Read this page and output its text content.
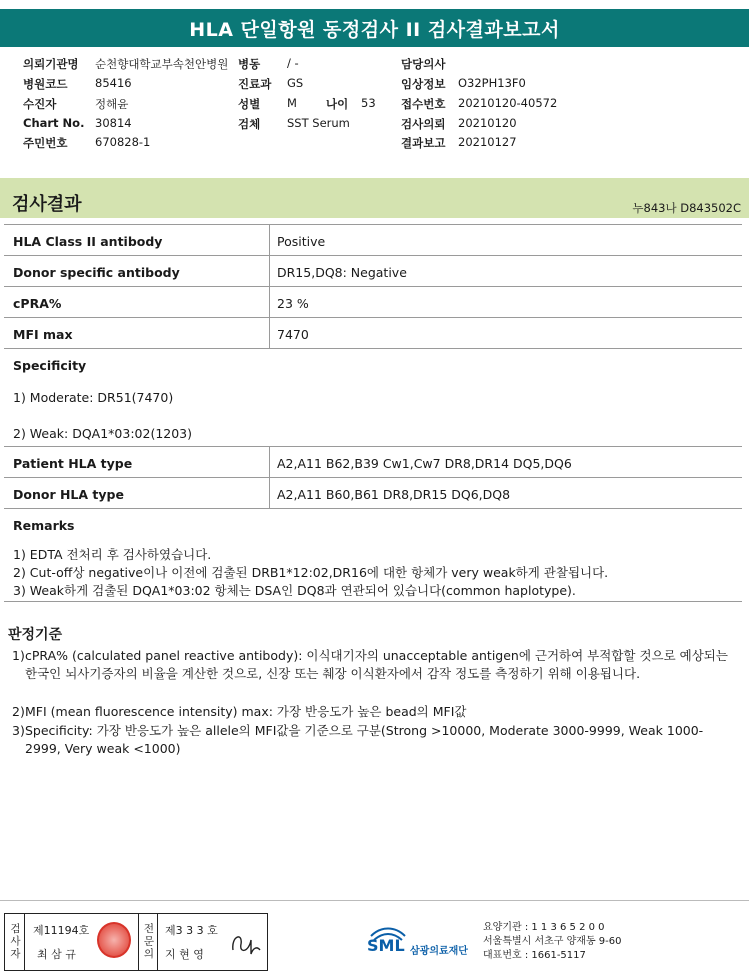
HLA 단일항원 동정검사 II 검사결과보고서
의뢰기관명 순천향대학교부속천안병원 병동 / -	담당의사
병원코드 85416	진료과 GS	임상정보 O32PH13F0
수진자	정해윤	성별 M	나이 53 접수번호 20210120-40572
Chart No. 30814	검체 SST Serum	검사의뢰 20210120
주민번호 670828-1	결과보고 20210127
검사결과	누843나 D843502C
HLA Class II antibody	Positive
Donor specific antibody	DR15,DQ8: Negative
cPRA%	23 %
MFI max	7470
Specificity
1) Moderate: DR51(7470)
2) Weak: DQA1*03:02(1203)
Patient HLA type	A2,A11 B62,B39 Cw1,Cw7 DR8,DR14 DQ5,DQ6
Donor HLA type	A2,A11 B60,B61 DR8,DR15 DQ6,DQ8
Remarks
1) EDTA 전처리 후 검사하였습니다.
2) Cut-off상 negative이나 이전에 검출된 DRB1*12:02,DR16에 대한 항체가 very weak하게 관찰됩니다.
3) Weak하게 검출된 DQA1*03:02 항체는 DSA인 DQ8과 연관되어 있습니다(common haplotype).
판정기준
1) cPRA% (calculated panel reactive antibody): 이식대기자의 unacceptable antigen에 근거하여 부적합할 것으로 예상되는 한국인 뇌사기증자의 비율을 계산한 것으로, 신장 또는 췌장 이식환자에서 감작 정도를 측정하기 위해 이용됩니다.
2) MFI (mean fluorescence intensity) max: 가장 반응도가 높은 bead의 MFI값
3) Specificity: 가장 반응도가 높은 allele의 MFI값을 기준으로 구분(Strong >10000, Moderate 3000-9999, Weak 1000-2999, Very weak <1000)
검사자 제11194호
최 삼 규	전문의 제3 3 3 호
지 현 영	SML 삼광의료재단
요양기관 : 1 1 3 6 5 2 0 0
서울특별시 서초구 양재동 9-60
대표번호 : 1661-5117
